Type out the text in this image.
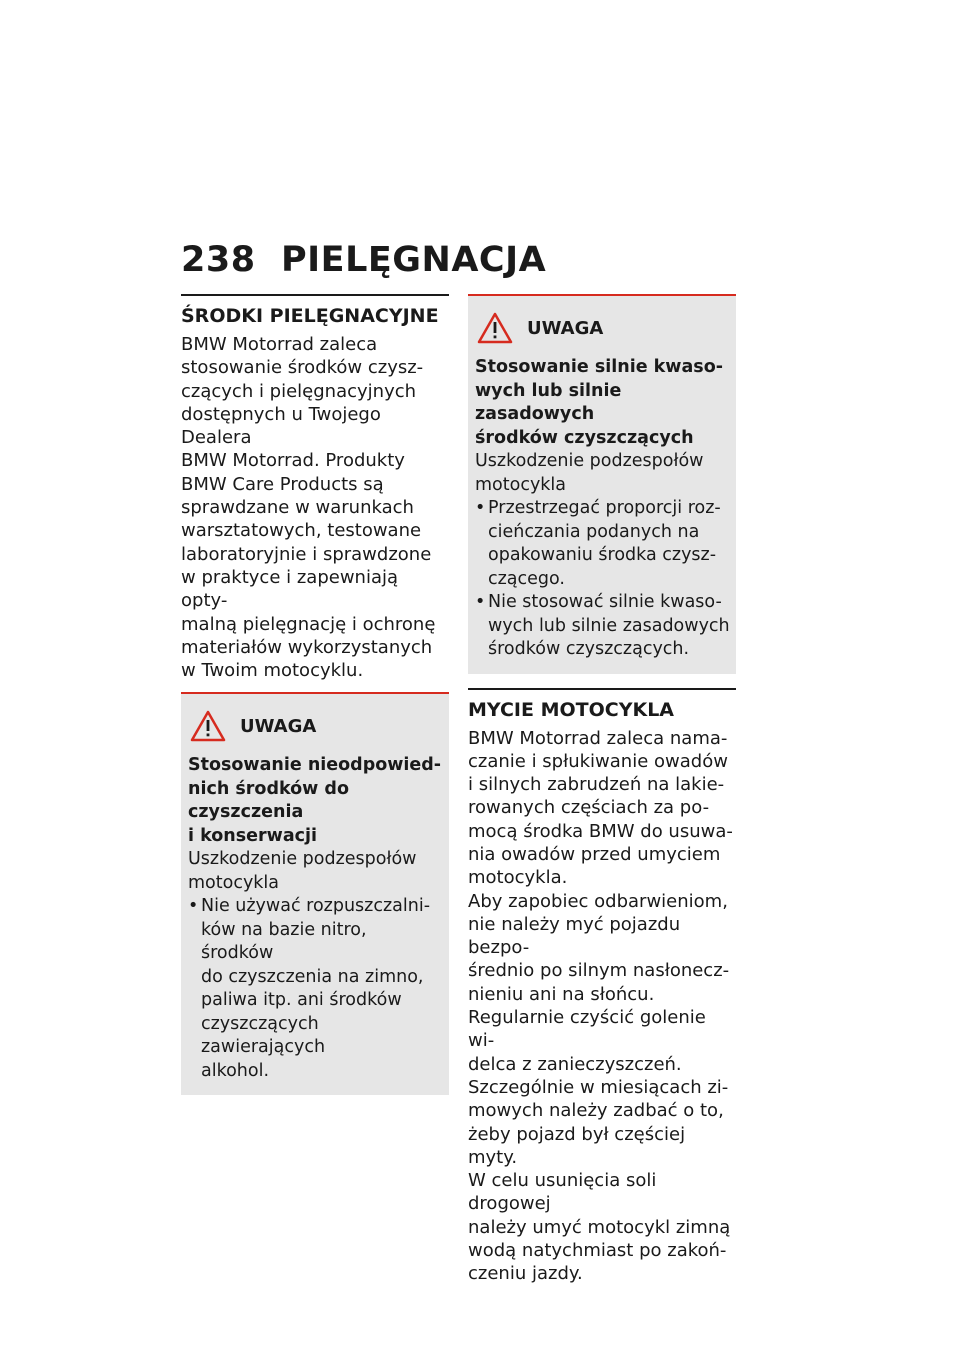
238 PIELĘGNACJA
ŚRODKI PIELĘGNACYJNE

BMW Motorrad zaleca
stosowanie środków czysz-
czących i pielęgnacyjnych
dostępnych u Twojego Dealera
BMW Motorrad. Produkty
BMW Care Products są
sprawdzane w warunkach
warsztatowych, testowane
laboratoryjnie i sprawdzone
w praktyce i zapewniają opty-
malną pielęgnację i ochronę
materiałów wykorzystanych
w Twoim motocyklu.

UWAGA
Stosowanie nieodpowied-
nich środków do czyszczenia
i konserwacji
Uszkodzenie podzespołów
motocykla
• Nie używać rozpuszczalni-
ków na bazie nitro, środków
do czyszczenia na zimno,
paliwa itp. ani środków
czyszczących zawierających
alkohol.
UWAGA
Stosowanie silnie kwaso-
wych lub silnie zasadowych
środków czyszczących
Uszkodzenie podzespołów
motocykla
• Przestrzegać proporcji roz-
cieńczania podanych na
opakowaniu środka czysz-
czącego.
• Nie stosować silnie kwaso-
wych lub silnie zasadowych
środków czyszczących.
MYCIE MOTOCYKLA

BMW Motorrad zaleca nama-
czanie i spłukiwanie owadów
i silnych zabrudzeń na lakie-
rowanych częściach za po-
mocą środka BMW do usuwa-
nia owadów przed umyciem
motocykla.

Aby zapobiec odbarwieniom,
nie należy myć pojazdu bezpo-
średnio po silnym nasłonecz-
nieniu ani na słońcu.

Regularnie czyścić golenie wi-
delca z zanieczyszczeń.

Szczególnie w miesiącach zi-
mowych należy zadbać o to,
żeby pojazd był częściej myty.

W celu usunięcia soli drogowej
należy umyć motocykl zimną
wodą natychmiast po zakoń-
czeniu jazdy.
